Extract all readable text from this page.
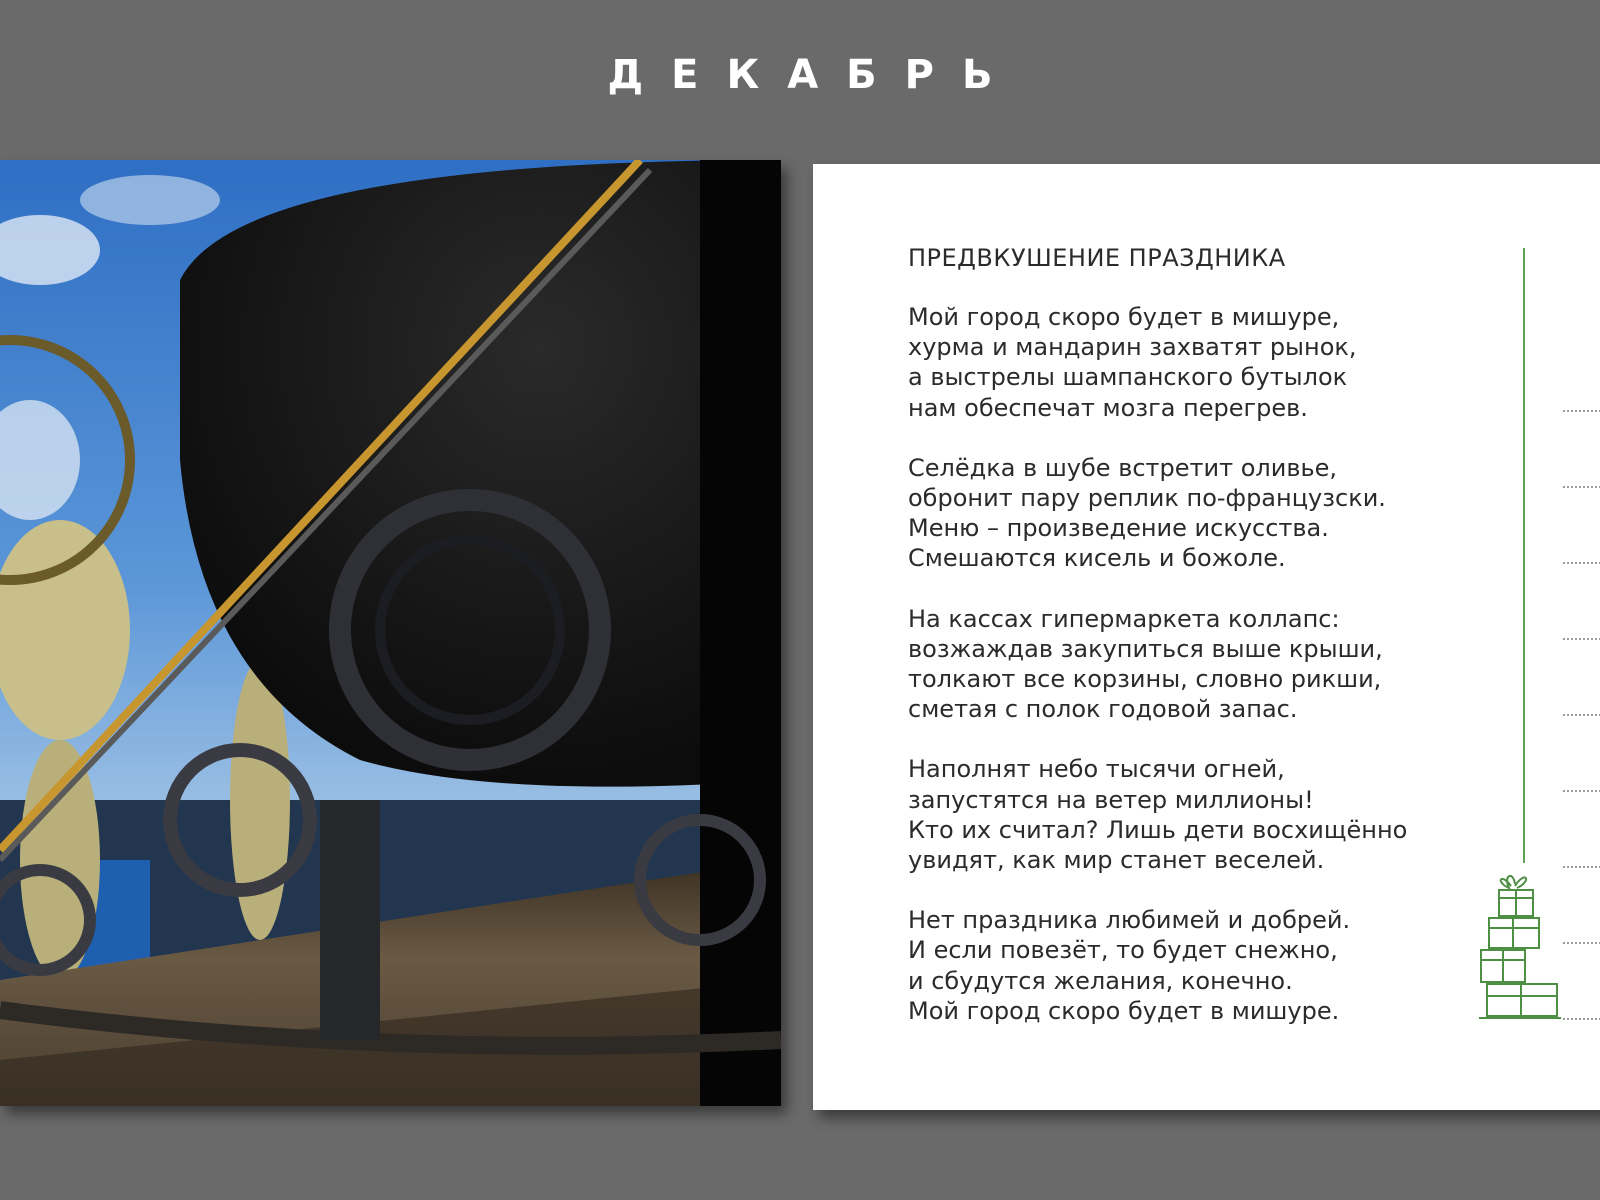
ДЕКАБРЬ
ПРЕДВКУШЕНИЕ ПРАЗДНИКА
Мой город скоро будет в мишуре,
хурма и мандарин захватят рынок,
а выстрелы шампанского бутылок
нам обеспечат мозга перегрев.
Селёдка в шубе встретит оливье,
обронит пару реплик по-французски.
Меню – произведение искусства.
Смешаются кисель и божоле.
На кассах гипермаркета коллапс:
возжаждав закупиться выше крыши,
толкают все корзины, словно рикши,
сметая с полок годовой запас.
Наполнят небо тысячи огней,
запустятся на ветер миллионы!
Кто их считал? Лишь дети восхищённо
увидят, как мир станет веселей.
Нет праздника любимей и добрей.
И если повезёт, то будет снежно,
и сбудутся желания, конечно.
Мой город скоро будет в мишуре.
